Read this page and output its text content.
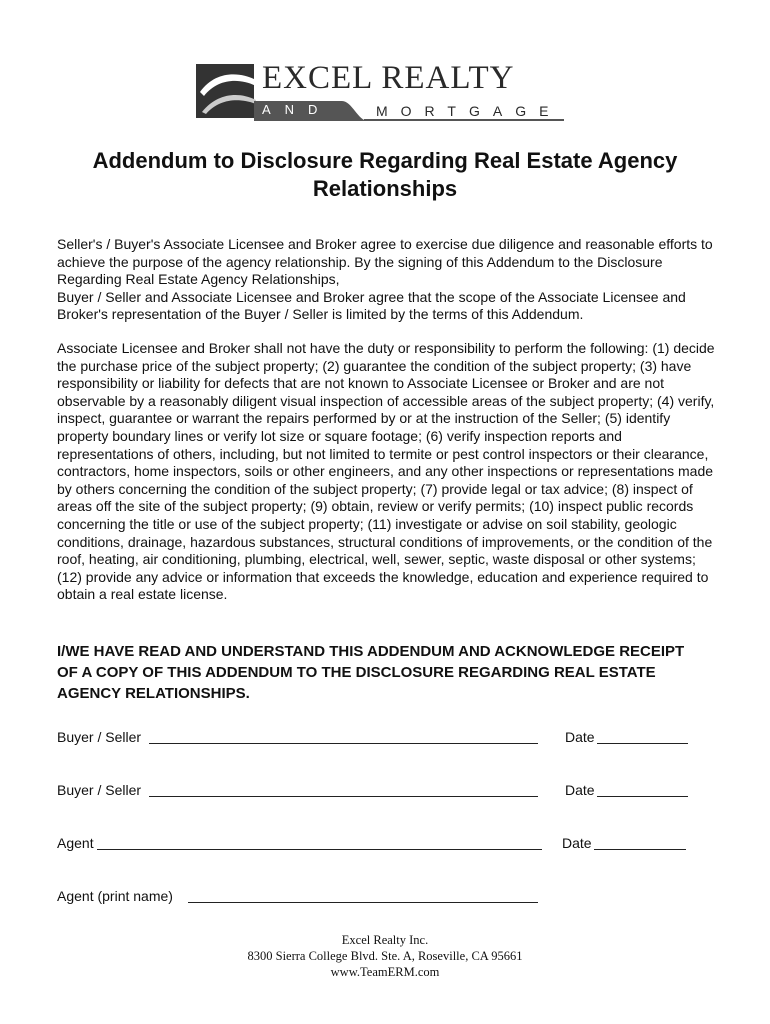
EXCEL REALTY
AND	MORTGAGE
Addendum to Disclosure Regarding Real Estate Agency Relationships

Seller's / Buyer's Associate Licensee and Broker agree to exercise due diligence and reasonable efforts to achieve the purpose of the agency relationship. By the signing of this Addendum to the Disclosure Regarding Real Estate Agency Relationships,
Buyer / Seller and Associate Licensee and Broker agree that the scope of the Associate Licensee and Broker's representation of the Buyer / Seller is limited by the terms of this Addendum.

Associate Licensee and Broker shall not have the duty or responsibility to perform the following: (1) decide the purchase price of the subject property; (2) guarantee the condition of the subject property; (3) have responsibility or liability for defects that are not known to Associate Licensee or Broker and are not observable by a reasonably diligent visual inspection of accessible areas of the subject property; (4) verify, inspect, guarantee or warrant the repairs performed by or at the instruction of the Seller; (5) identify property boundary lines or verify lot size or square footage; (6) verify inspection reports and representations of others, including, but not limited to termite or pest control inspectors or their clearance, contractors, home inspectors, soils or other engineers, and any other inspections or representations made by others concerning the condition of the subject property; (7) provide legal or tax advice; (8) inspect of areas off the site of the subject property; (9) obtain, review or verify permits; (10) inspect public records concerning the title or use of the subject property; (11) investigate or advise on soil stability, geologic conditions, drainage, hazardous substances, structural conditions of improvements, or the condition of the roof, heating, air conditioning, plumbing, electrical, well, sewer, septic, waste disposal or other systems; (12) provide any advice or information that exceeds the knowledge, education and experience required to obtain a real estate license.

I/WE HAVE READ AND UNDERSTAND THIS ADDENDUM AND ACKNOWLEDGE RECEIPT OF A COPY OF THIS ADDENDUM TO THE DISCLOSURE REGARDING REAL ESTATE AGENCY RELATIONSHIPS.

Buyer / Seller	Date
Buyer / Seller	Date
Agent	Date
Agent (print name)
Excel Realty Inc.
8300 Sierra College Blvd. Ste. A, Roseville, CA 95661
www.TeamERM.com
